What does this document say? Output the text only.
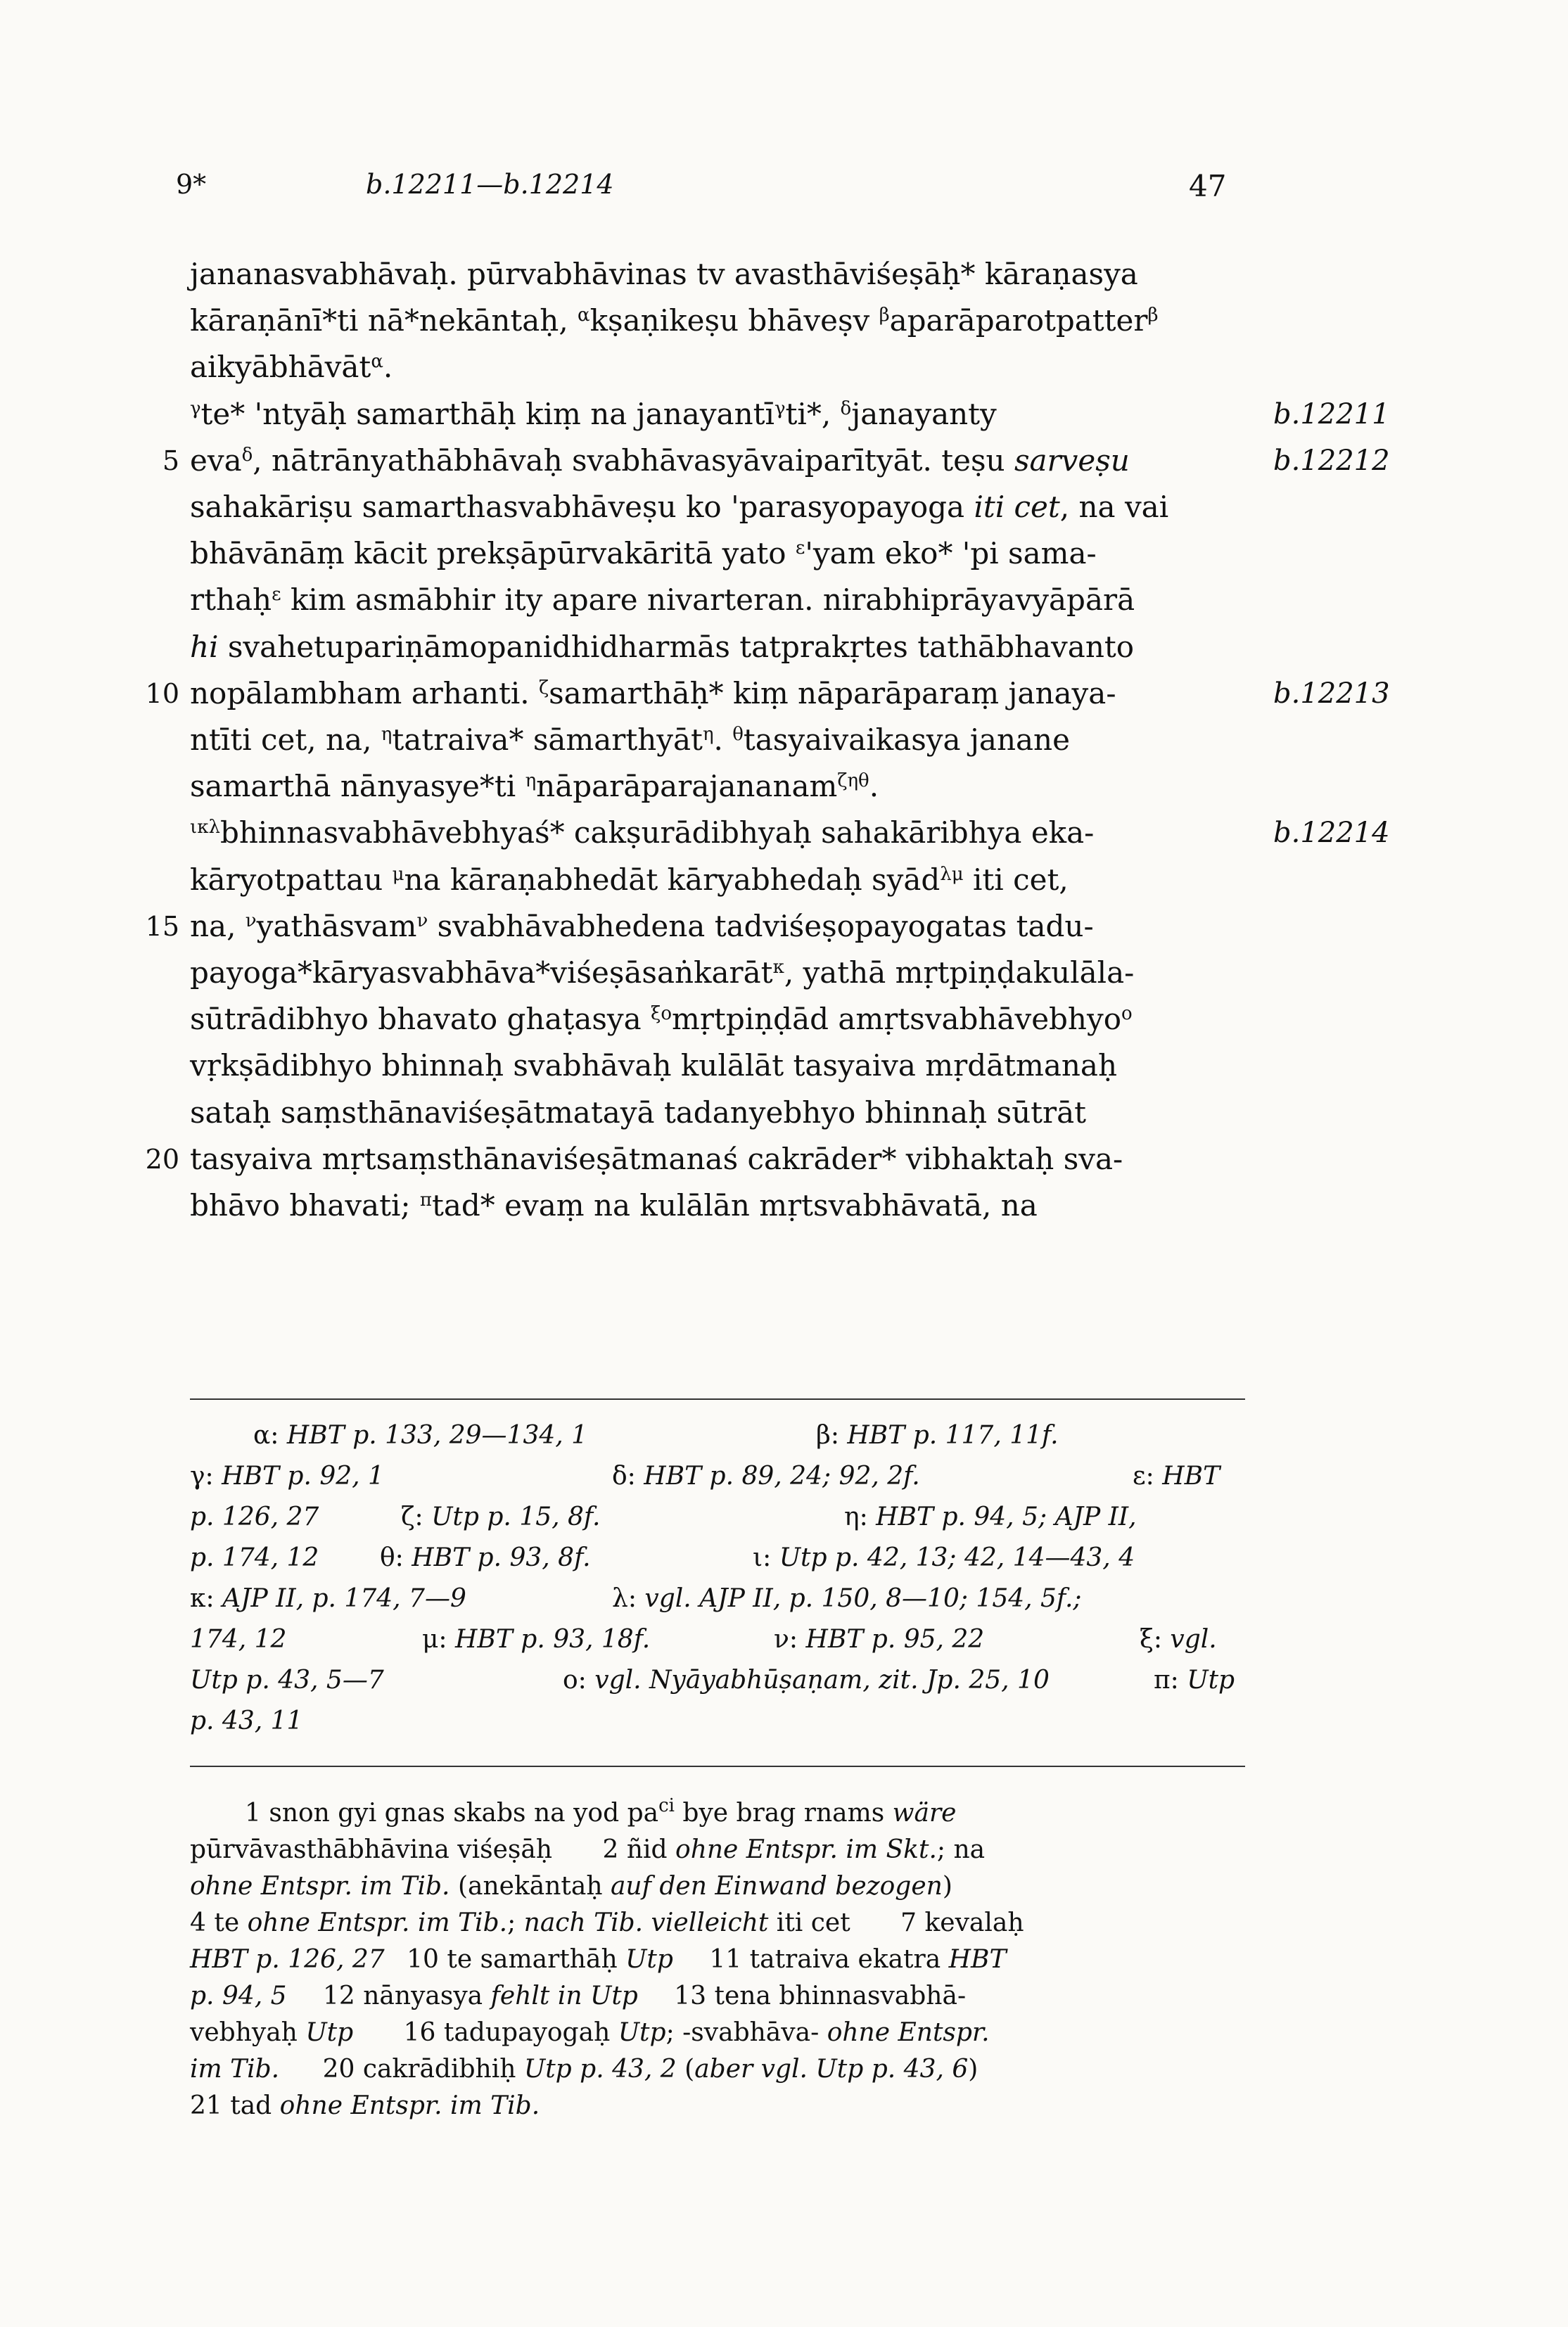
9*	b.12211—b.12214	47
jananasvabhāvaḥ. pūrvabhāvinas tv avasthāviśeṣāḥ* kāraṇasya
kāraṇānī*ti nā*nekāntaḥ, $^\alpha$kṣaṇikeṣu bhāveṣv $^\beta$aparāparotpatter$^\beta$
aikyābhāvāt$^\alpha$.
$^\gamma$te* 'ntyāḥ samarthāḥ kiṃ na janayantī$^\gamma$ti*, $^\delta$janayanty
eva$^\delta$, nātrānyathābhāvaḥ svabhāvasyāvaiparītyāt. teṣu sarveṣu
sahakāriṣu samarthasvabhāveṣu ko 'parasyopayoga iti cet, na vai
bhāvānāṃ kācit prekṣāpūrvakāritā yato $^\varepsilon$'yam eko* 'pi sama-
rthaḥ$^\varepsilon$ kim asmābhir ity apare nivarteran. nirabhiprāyavyāpārā
hi svahetupariṇāmopanidhidharmās tatprakṛtes tathābhavanto
nopālambham arhanti. $^\zeta$samarthāḥ* kiṃ nāparāparaṃ janaya-
ntīti cet, na, $^\eta$tatraiva* sāmarthyāt$^\eta$. $^\theta$tasyaivaikasya janane
samarthā nānyasye*ti $^\eta$nāparāparajananam$^{\zeta\eta\theta}$.
$^{\iota\kappa\lambda}$bhinnasvabhāvebhyaś* cakṣurādibhyaḥ sahakāribhya eka-
kāryotpattau $^\mu$na kāraṇabhedāt kāryabhedaḥ syād$^{\lambda\mu}$ iti cet,
na, $^\nu$yathāsvam$^\nu$ svabhāvabhedena tadviśeṣopayogatas tadu-
payoga*kāryasvabhāva*viśeṣāsaṅkarāt$^\kappa$, yathā mṛtpiṇḍakulāla-
sūtrādibhyo bhavato ghaṭasya $^{\xi o}$mṛtpiṇḍād amṛtsvabhāvebhyo$^o$
vṛkṣādibhyo bhinnaḥ svabhāvaḥ kulālāt tasyaiva mṛdātmanaḥ
sataḥ saṃsthānaviśeṣātmatayā tadanyebhyo bhinnaḥ sūtrāt
tasyaiva mṛtsaṃsthānaviśeṣātmanaś cakrāder* vibhaktaḥ sva-
bhāvo bhavati; $^\pi$tad* evaṃ na kulālān mṛtsvabhāvatā, na
5
10
15
20
b.12211
b.12212
b.12213
b.12214
α: HBT p. 133, 29—134, 1	β: HBT p. 117, 11f.
γ: HBT p. 92, 1	δ: HBT p. 89, 24; 92, 2f.	ε: HBT
p. 126, 27	ζ: Utp p. 15, 8f.	η: HBT p. 94, 5; AJP II,
p. 174, 12 θ: HBT p. 93, 8f.	ι: Utp p. 42, 13; 42, 14—43, 4
κ: AJP II, p. 174, 7—9	λ: vgl. AJP II, p. 150, 8—10; 154, 5f.;
174, 12	μ: HBT p. 93, 18f.	ν: HBT p. 95, 22	ξ: vgl.
Utp p. 43, 5—7	ο: vgl. Nyāyabhūṣaṇam, zit. Jp. 25, 10	π: Utp
p. 43, 11
1 snon gyi gnas skabs na yod $pa^{ci}$ bye brag rnams wäre
pūrvāvasthābhāvina viśeṣāḥ 2 ñid ohne Entspr. im Skt.; na
ohne Entspr. im Tib. (anekāntaḥ auf den Einwand bezogen)
4 te ohne Entspr. im Tib.; nach Tib. vielleicht iti cet 7 kevalaḥ
HBT p. 126, 27 10 te samarthāḥ Utp 11 tatraiva ekatra HBT
p. 94, 5 12 nānyasya fehlt in Utp 13 tena bhinnasvabhā-
vebhyaḥ Utp 16 tadupayogaḥ Utp; -svabhāva- ohne Entspr.
im Tib. 20 cakrādibhiḥ Utp p. 43, 2 (aber vgl. Utp p. 43, 6)
21 tad ohne Entspr. im Tib.
